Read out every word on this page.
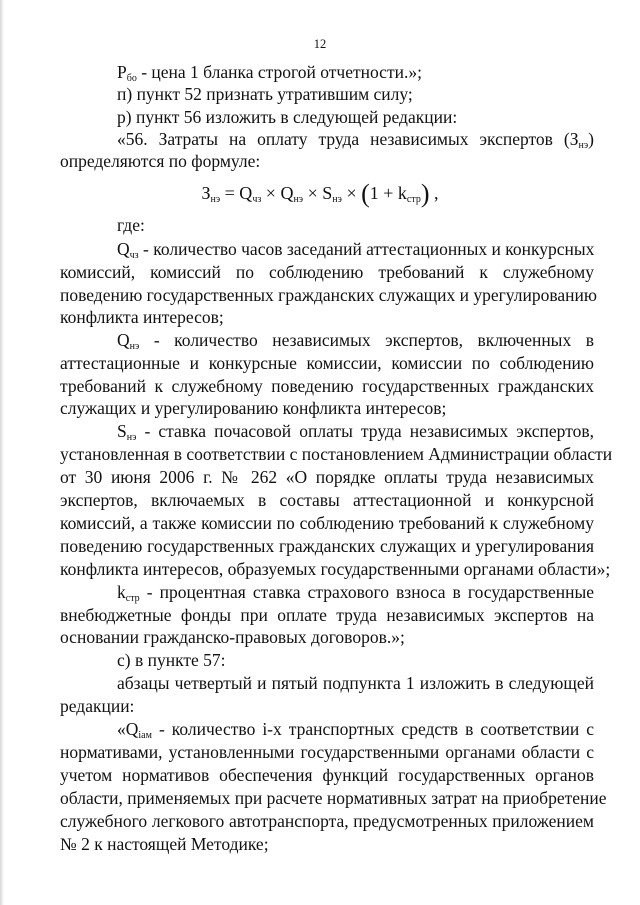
12
$P_{бо}$ - цена 1 бланка строгой отчетности.»;
п) пункт 52 признать утратившим силу;
р) пункт 56 изложить в следующей редакции:
«56. Затраты на оплату труда независимых экспертов $(З_{нэ})$
определяются по формуле:
$З_{нэ} = Q_{чз} \times Q_{нэ} \times S_{нэ} \times (1 + k_{стр})$ ,
где:
$Q_{чз}$ - количество часов заседаний аттестационных и конкурсных
комиссий, комиссий по соблюдению требований к служебному
поведению государственных гражданских служащих и урегулированию
конфликта интересов;
$Q_{нэ}$ - количество независимых экспертов, включенных в
аттестационные и конкурсные комиссии, комиссии по соблюдению
требований к служебному поведению государственных гражданских
служащих и урегулированию конфликта интересов;
$S_{нэ}$ - ставка почасовой оплаты труда независимых экспертов,
установленная в соответствии с постановлением Администрации области
от 30 июня 2006 г. № 262 «О порядке оплаты труда независимых
экспертов, включаемых в составы аттестационной и конкурсной
комиссий, а также комиссии по соблюдению требований к служебному
поведению государственных гражданских служащих и урегулирования
конфликта интересов, образуемых государственными органами области»;
$k_{стр}$ - процентная ставка страхового взноса в государственные
внебюджетные фонды при оплате труда независимых экспертов на
основании гражданско-правовых договоров.»;
с) в пункте 57:
абзацы четвертый и пятый подпункта 1 изложить в следующей
редакции:
«$Q_{iам}$ - количество i-х транспортных средств в соответствии с
нормативами, установленными государственными органами области с
учетом нормативов обеспечения функций государственных органов
области, применяемых при расчете нормативных затрат на приобретение
служебного легкового автотранспорта, предусмотренных приложением
№ 2 к настоящей Методике;
